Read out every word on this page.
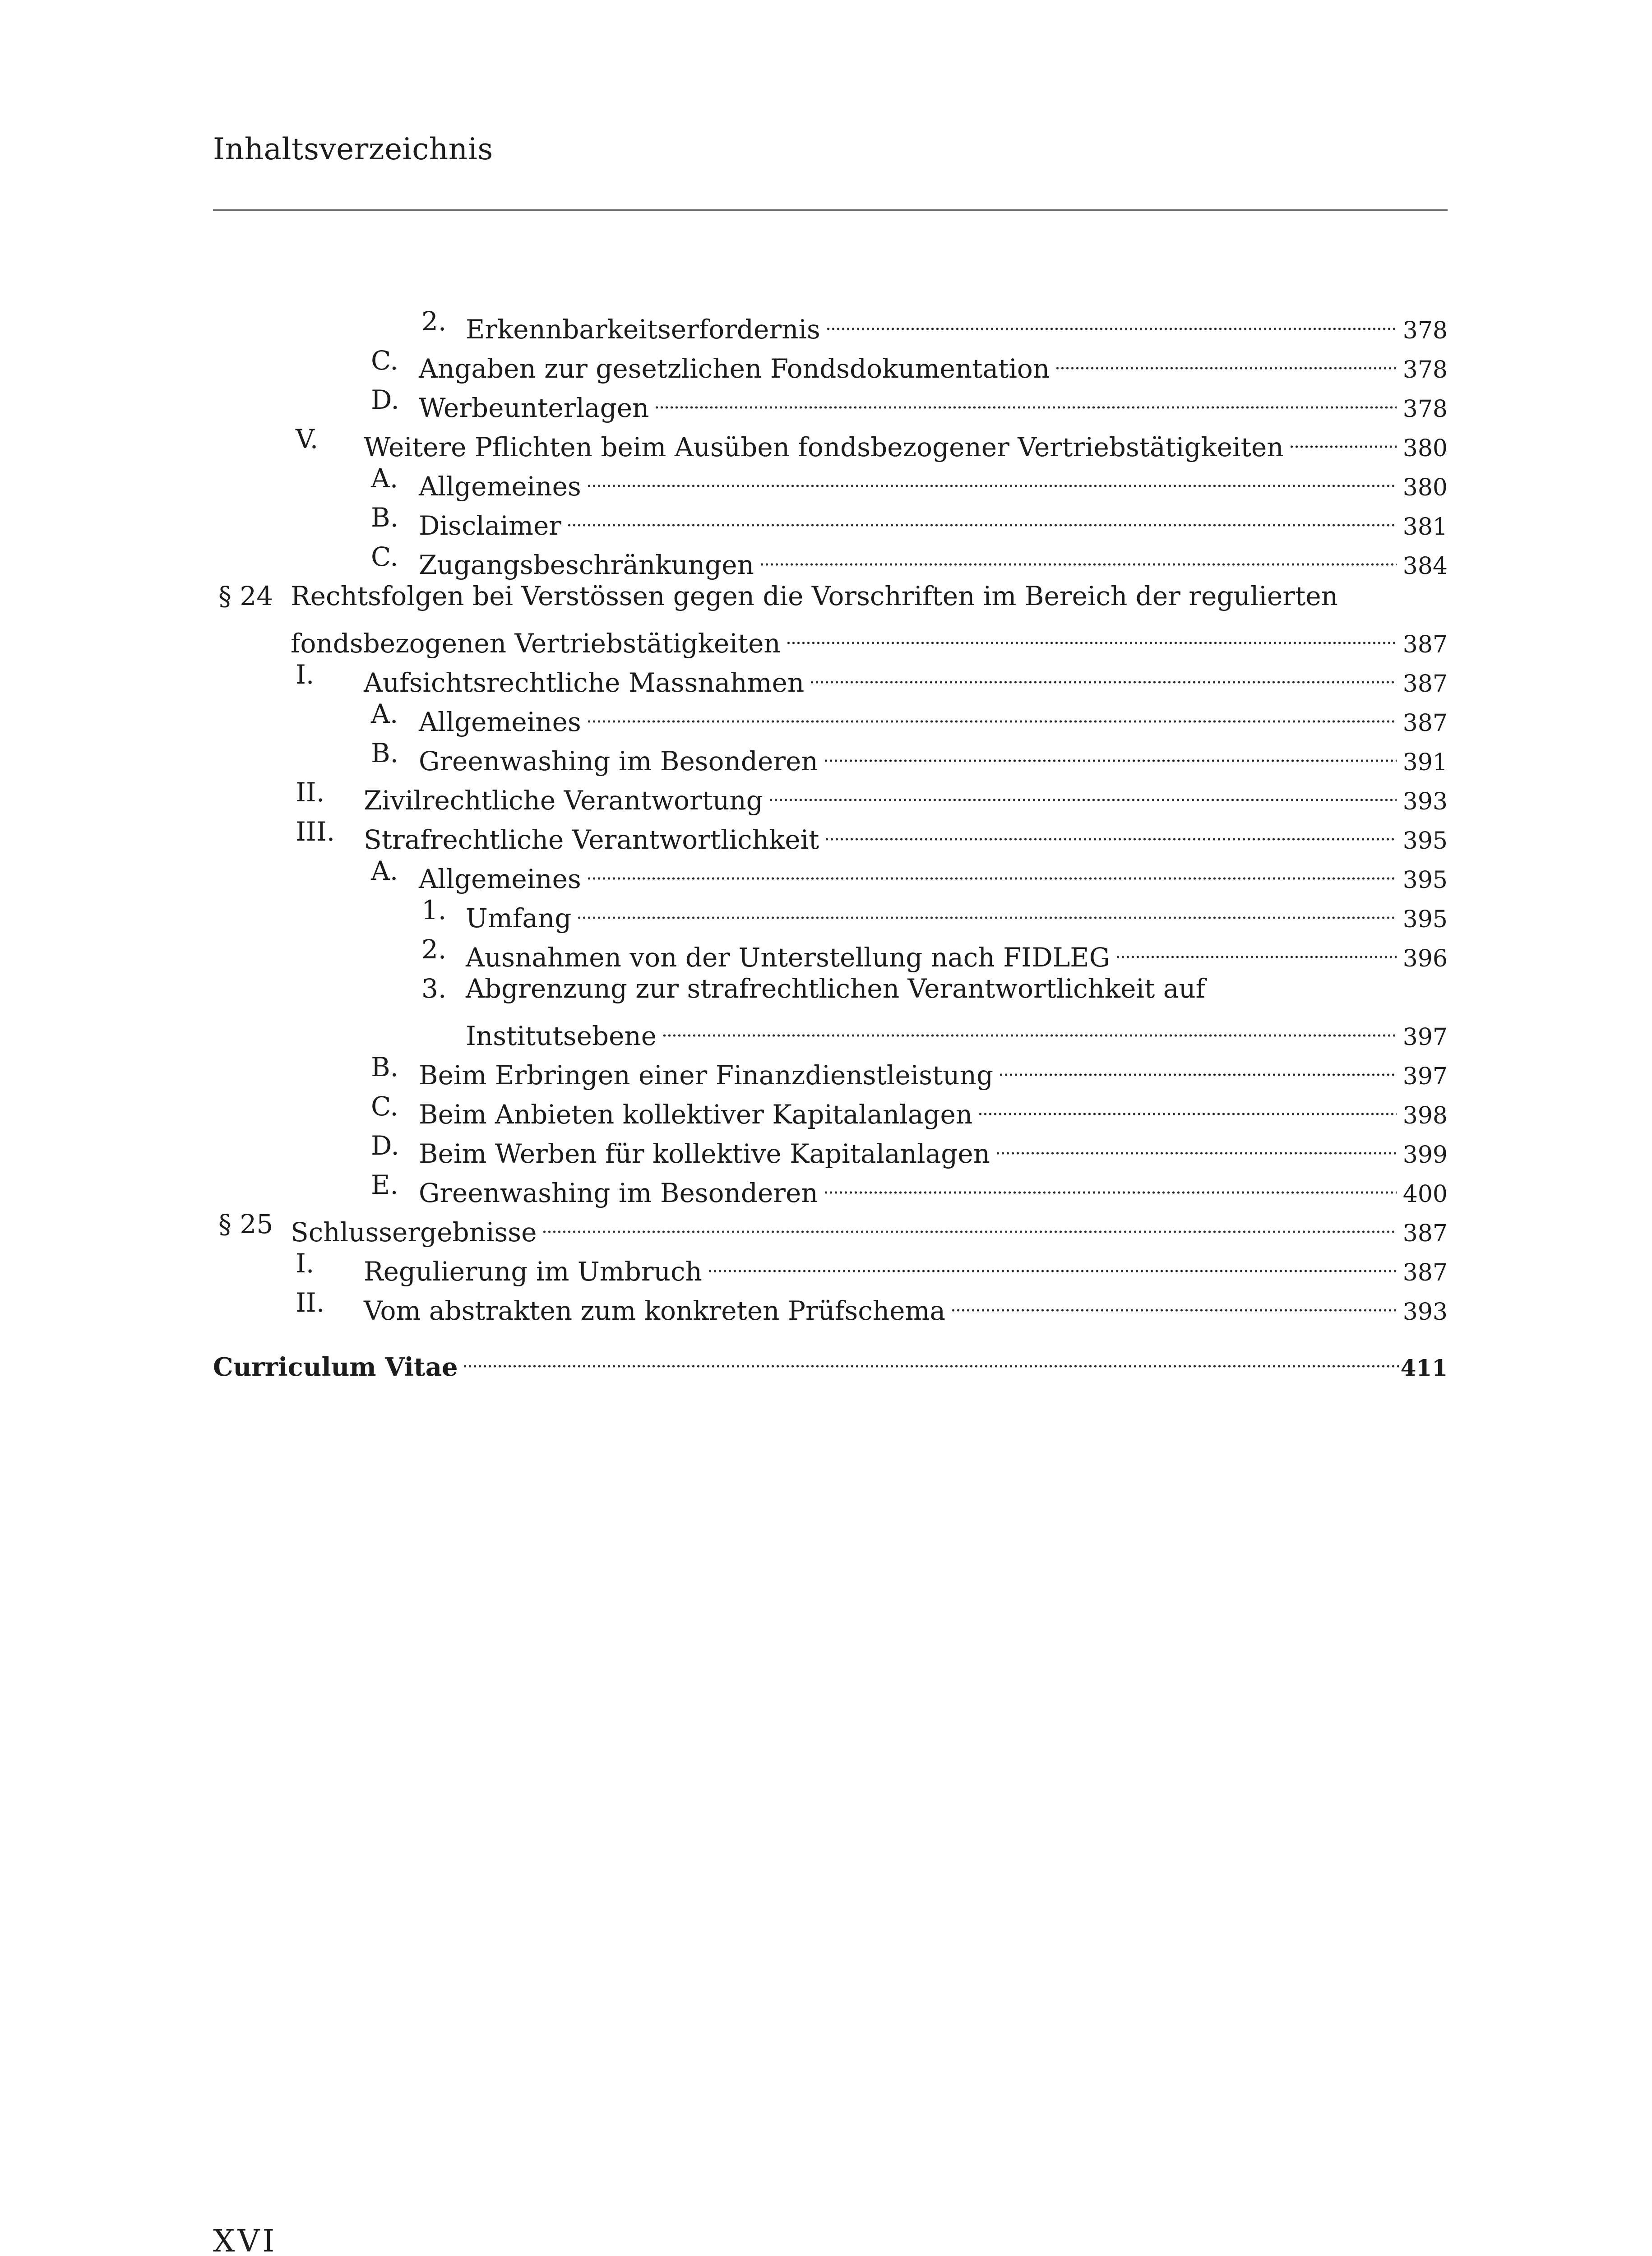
Inhaltsverzeichnis
2. Erkennbarkeitserfordernis	378
C. Angaben zur gesetzlichen Fondsdokumentation	378
D. Werbeunterlagen	378
V. Weitere Pflichten beim Ausüben fondsbezogener Vertriebstätigkeiten	380
A. Allgemeines	380
B. Disclaimer	381
C. Zugangsbeschränkungen	384
§ 24 Rechtsfolgen bei Verstössen gegen die Vorschriften im Bereich der regulierten
fondsbezogenen Vertriebstätigkeiten	387
I. Aufsichtsrechtliche Massnahmen	387
A. Allgemeines	387
B. Greenwashing im Besonderen	391
II. Zivilrechtliche Verantwortung	393
III. Strafrechtliche Verantwortlichkeit	395
A. Allgemeines	395
1. Umfang	395
2. Ausnahmen von der Unterstellung nach FIDLEG	396
3. Abgrenzung zur strafrechtlichen Verantwortlichkeit auf
Institutsebene	397
B. Beim Erbringen einer Finanzdienstleistung	397
C. Beim Anbieten kollektiver Kapitalanlagen	398
D. Beim Werben für kollektive Kapitalanlagen	399
E. Greenwashing im Besonderen	400
§ 25 Schlussergebnisse	387
I. Regulierung im Umbruch	387
II. Vom abstrakten zum konkreten Prüfschema	393
Curriculum Vitae	411
XVI
